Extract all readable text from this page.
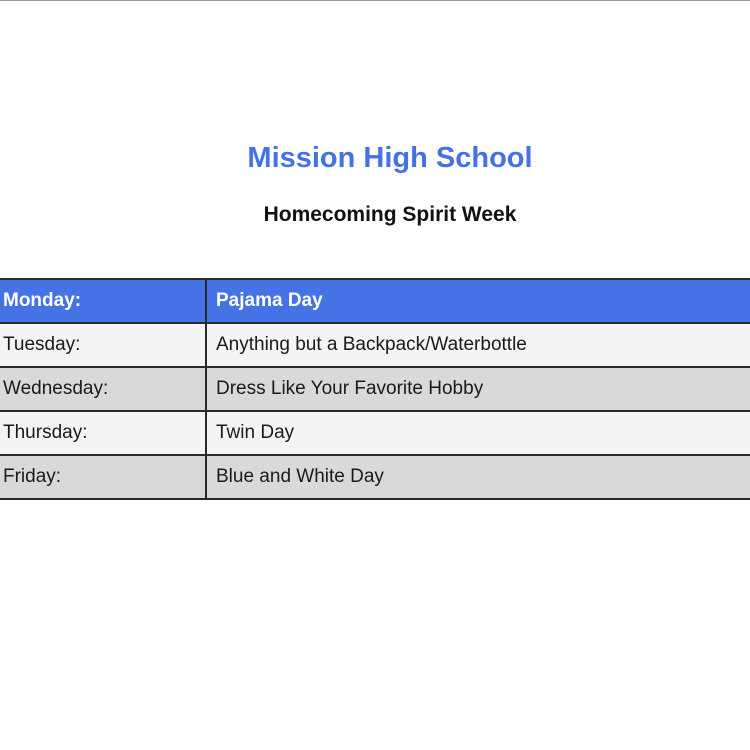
Mission High School
Homecoming Spirit Week
Monday:	Pajama Day
Tuesday:	Anything but a Backpack/Waterbottle
Wednesday:	Dress Like Your Favorite Hobby
Thursday:	Twin Day
Friday:	Blue and White Day
